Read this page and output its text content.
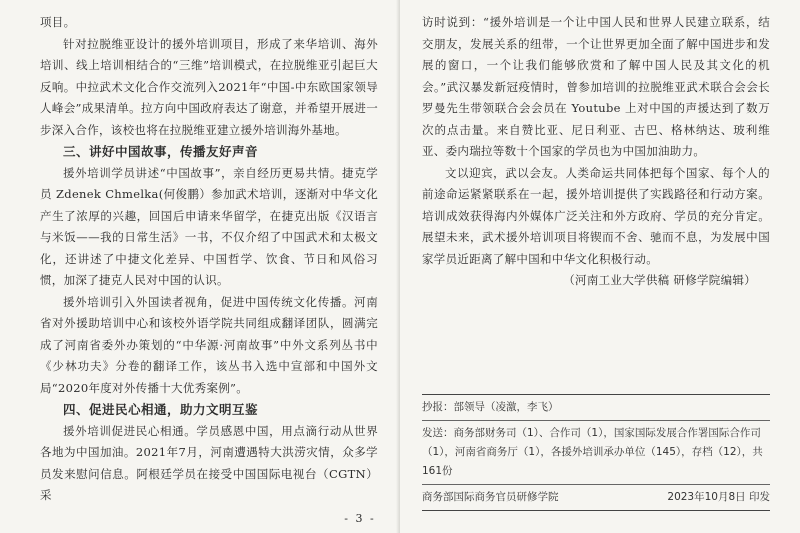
项目。

针对拉脱维亚设计的援外培训项目，形成了来华培训、海外培训、线上培训相结合的“三维”培训模式，在拉脱维亚引起巨大反响。中拉武术文化合作交流列入2021年“中国-中东欧国家领导人峰会”成果清单。拉方向中国政府表达了谢意，并希望开展进一步深入合作，该校也将在拉脱维亚建立援外培训海外基地。

三、讲好中国故事，传播友好声音

援外培训学员讲述“中国故事”，亲自经历更易共情。捷克学员 Zdenek Chmelka(何俊鹏）参加武术培训，逐渐对中华文化产生了浓厚的兴趣，回国后申请来华留学，在捷克出版《汉语言与米饭——我的日常生活》一书，不仅介绍了中国武术和太极文化，还讲述了中捷文化差异、中国哲学、饮食、节日和风俗习惯，加深了捷克人民对中国的认识。

援外培训引入外国读者视角，促进中国传统文化传播。河南省对外援助培训中心和该校外语学院共同组成翻译团队，圆满完成了河南省委外办策划的“中华源·河南故事”中外文系列丛书中《少林功夫》分卷的翻译工作，该丛书入选中宣部和中国外文局“2020年度对外传播十大优秀案例”。

四、促进民心相通，助力文明互鉴

援外培训促进民心相通。学员感恩中国，用点滴行动从世界各地为中国加油。2021年7月，河南遭遇特大洪涝灾情，众多学员发来慰问信息。阿根廷学员在接受中国国际电视台（CGTN）采

- 3 -

访时说到：“援外培训是一个让中国人民和世界人民建立联系，结交朋友，发展关系的纽带，一个让世界更加全面了解中国进步和发展的窗口，一个让我们能够欣赏和了解中国人民及其文化的机会。”武汉暴发新冠疫情时，曾参加培训的拉脱维亚武术联合会会长罗曼先生带领联合会会员在 Youtube 上对中国的声援达到了数万次的点击量。来自赞比亚、尼日利亚、古巴、格林纳达、玻利维亚、委内瑞拉等数十个国家的学员也为中国加油助力。

文以迎宾，武以会友。人类命运共同体把每个国家、每个人的前途命运紧紧联系在一起，援外培训提供了实践路径和行动方案。培训成效获得海内外媒体广泛关注和外方政府、学员的充分肯定。展望未来，武术援外培训项目将锲而不舍、驰而不息，为发展中国家学员近距离了解中国和中华文化积极行动。

（河南工业大学供稿 研修学院编辑）

抄报：部领导（凌激，李飞）
发送：商务部财务司（1）、合作司（1），国家国际发展合作署国际合作司（1），河南省商务厅（1），各援外培训承办单位（145），存档（12），共161份
商务部国际商务官员研修学院	2023年10月8日 印发
